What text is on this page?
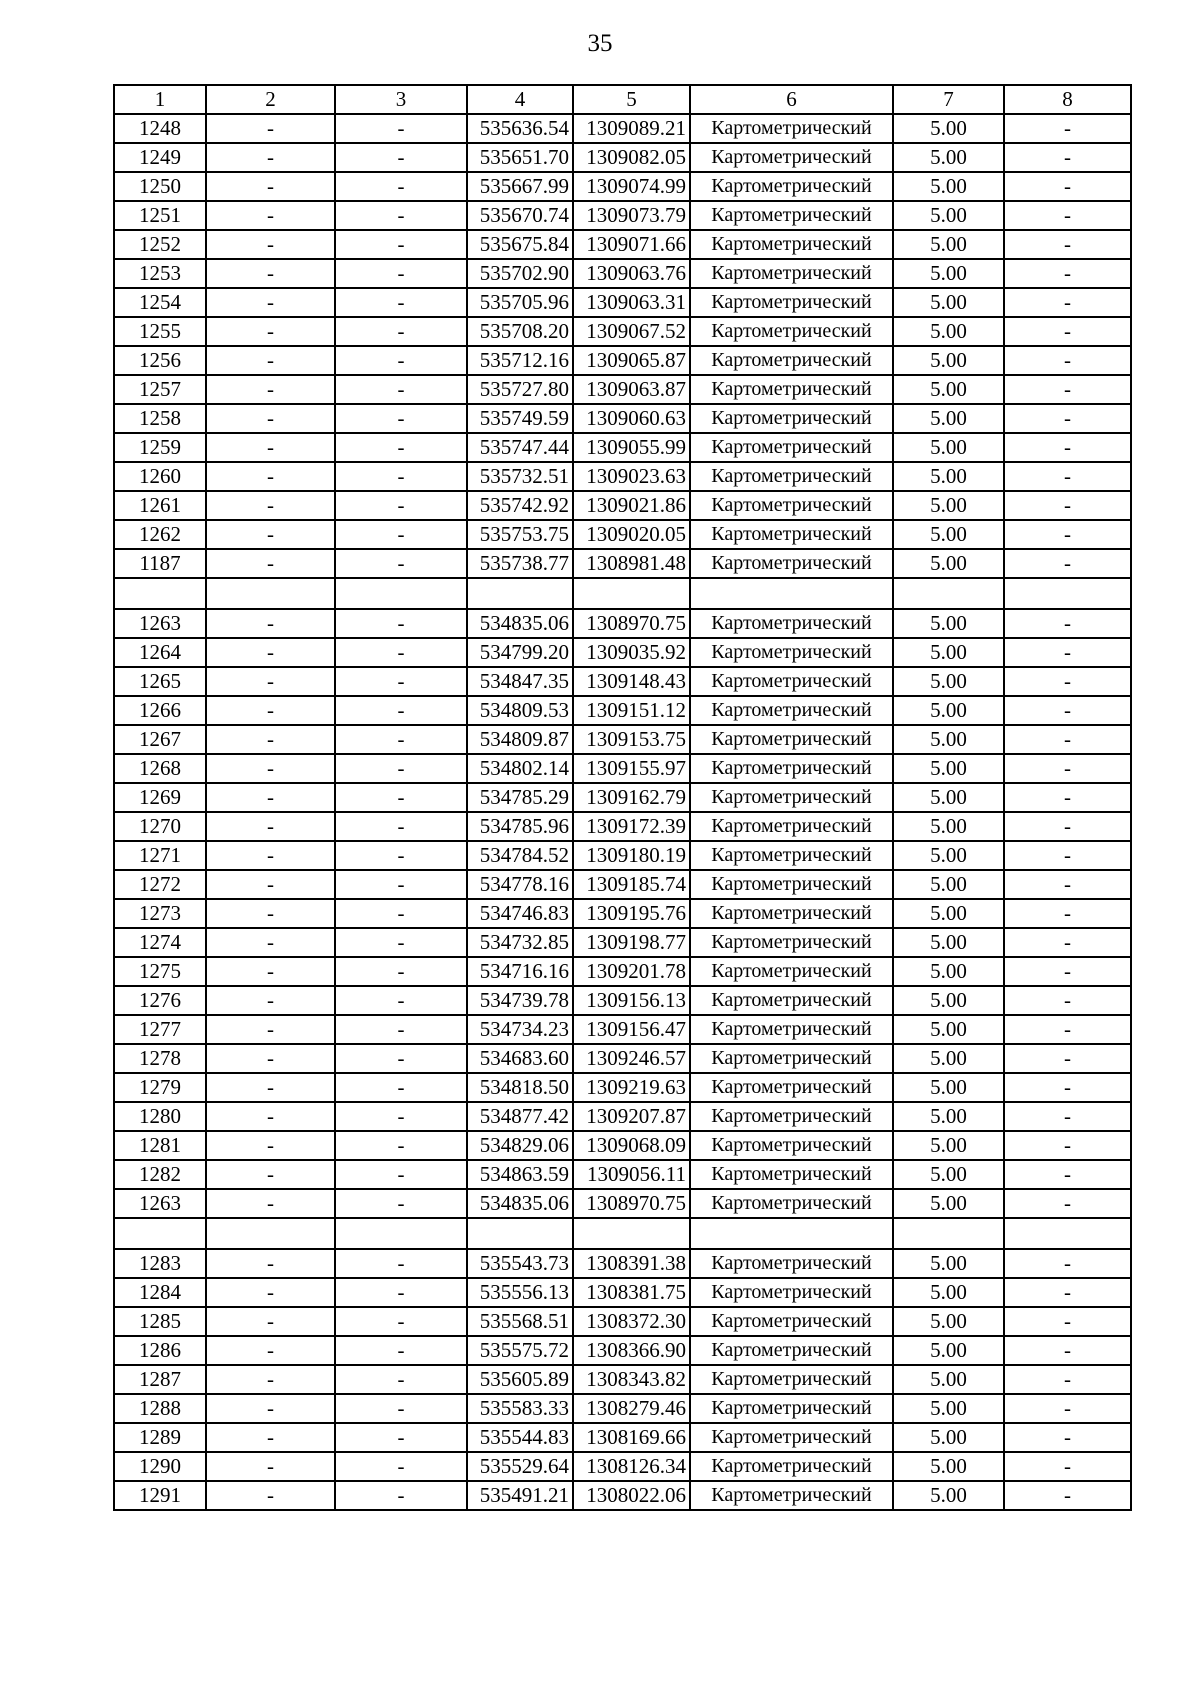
35
1	2	3	4	5	6	7	8
1248	-	-	535636.54	1309089.21	Картометрический	5.00	-
1249	-	-	535651.70	1309082.05	Картометрический	5.00	-
1250	-	-	535667.99	1309074.99	Картометрический	5.00	-
1251	-	-	535670.74	1309073.79	Картометрический	5.00	-
1252	-	-	535675.84	1309071.66	Картометрический	5.00	-
1253	-	-	535702.90	1309063.76	Картометрический	5.00	-
1254	-	-	535705.96	1309063.31	Картометрический	5.00	-
1255	-	-	535708.20	1309067.52	Картометрический	5.00	-
1256	-	-	535712.16	1309065.87	Картометрический	5.00	-
1257	-	-	535727.80	1309063.87	Картометрический	5.00	-
1258	-	-	535749.59	1309060.63	Картометрический	5.00	-
1259	-	-	535747.44	1309055.99	Картометрический	5.00	-
1260	-	-	535732.51	1309023.63	Картометрический	5.00	-
1261	-	-	535742.92	1309021.86	Картометрический	5.00	-
1262	-	-	535753.75	1309020.05	Картометрический	5.00	-
1187	-	-	535738.77	1308981.48	Картометрический	5.00	-

1263	-	-	534835.06	1308970.75	Картометрический	5.00	-
1264	-	-	534799.20	1309035.92	Картометрический	5.00	-
1265	-	-	534847.35	1309148.43	Картометрический	5.00	-
1266	-	-	534809.53	1309151.12	Картометрический	5.00	-
1267	-	-	534809.87	1309153.75	Картометрический	5.00	-
1268	-	-	534802.14	1309155.97	Картометрический	5.00	-
1269	-	-	534785.29	1309162.79	Картометрический	5.00	-
1270	-	-	534785.96	1309172.39	Картометрический	5.00	-
1271	-	-	534784.52	1309180.19	Картометрический	5.00	-
1272	-	-	534778.16	1309185.74	Картометрический	5.00	-
1273	-	-	534746.83	1309195.76	Картометрический	5.00	-
1274	-	-	534732.85	1309198.77	Картометрический	5.00	-
1275	-	-	534716.16	1309201.78	Картометрический	5.00	-
1276	-	-	534739.78	1309156.13	Картометрический	5.00	-
1277	-	-	534734.23	1309156.47	Картометрический	5.00	-
1278	-	-	534683.60	1309246.57	Картометрический	5.00	-
1279	-	-	534818.50	1309219.63	Картометрический	5.00	-
1280	-	-	534877.42	1309207.87	Картометрический	5.00	-
1281	-	-	534829.06	1309068.09	Картометрический	5.00	-
1282	-	-	534863.59	1309056.11	Картометрический	5.00	-
1263	-	-	534835.06	1308970.75	Картометрический	5.00	-

1283	-	-	535543.73	1308391.38	Картометрический	5.00	-
1284	-	-	535556.13	1308381.75	Картометрический	5.00	-
1285	-	-	535568.51	1308372.30	Картометрический	5.00	-
1286	-	-	535575.72	1308366.90	Картометрический	5.00	-
1287	-	-	535605.89	1308343.82	Картометрический	5.00	-
1288	-	-	535583.33	1308279.46	Картометрический	5.00	-
1289	-	-	535544.83	1308169.66	Картометрический	5.00	-
1290	-	-	535529.64	1308126.34	Картометрический	5.00	-
1291	-	-	535491.21	1308022.06	Картометрический	5.00	-
